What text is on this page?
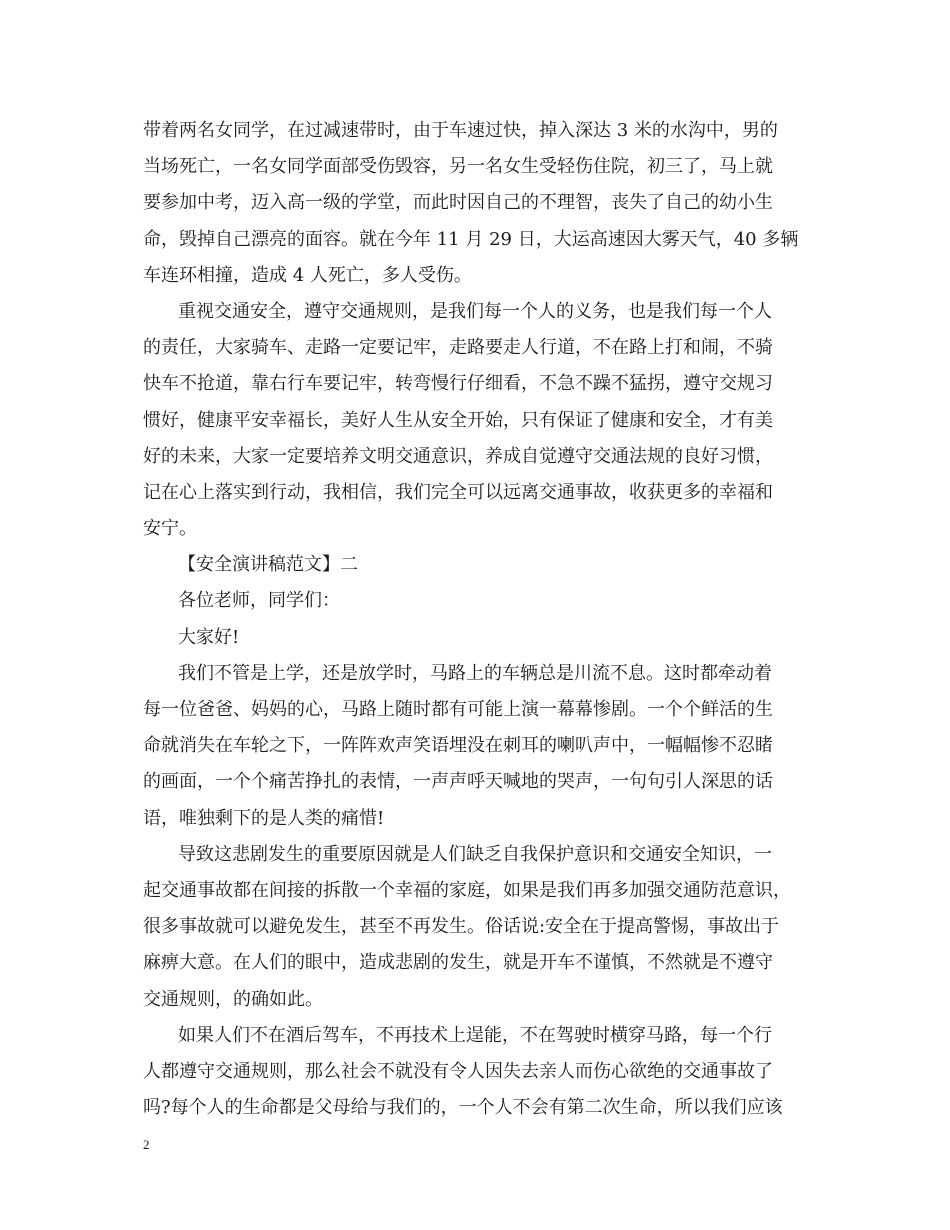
带着两名女同学，在过减速带时，由于车速过快，掉入深达 3 米的水沟中，男的
当场死亡，一名女同学面部受伤毁容，另一名女生受轻伤住院，初三了，马上就
要参加中考，迈入高一级的学堂，而此时因自己的不理智，丧失了自己的幼小生
命，毁掉自己漂亮的面容。就在今年 11 月 29 日，大运高速因大雾天气，40 多辆
车连环相撞，造成 4 人死亡，多人受伤。
重视交通安全，遵守交通规则，是我们每一个人的义务，也是我们每一个人
的责任，大家骑车、走路一定要记牢，走路要走人行道，不在路上打和闹，不骑
快车不抢道，靠右行车要记牢，转弯慢行仔细看，不急不躁不猛拐，遵守交规习
惯好，健康平安幸福长，美好人生从安全开始，只有保证了健康和安全，才有美
好的未来，大家一定要培养文明交通意识，养成自觉遵守交通法规的良好习惯，
记在心上落实到行动，我相信，我们完全可以远离交通事故，收获更多的幸福和
安宁。
【安全演讲稿范文】二
各位老师，同学们：
大家好!
我们不管是上学，还是放学时，马路上的车辆总是川流不息。这时都牵动着
每一位爸爸、妈妈的心，马路上随时都有可能上演一幕幕惨剧。一个个鲜活的生
命就消失在车轮之下，一阵阵欢声笑语埋没在刺耳的喇叭声中，一幅幅惨不忍睹
的画面，一个个痛苦挣扎的表情，一声声呼天喊地的哭声，一句句引人深思的话
语，唯独剩下的是人类的痛惜!
导致这悲剧发生的重要原因就是人们缺乏自我保护意识和交通安全知识，一
起交通事故都在间接的拆散一个幸福的家庭，如果是我们再多加强交通防范意识，
很多事故就可以避免发生，甚至不再发生。俗话说:安全在于提高警惕，事故出于
麻痹大意。在人们的眼中，造成悲剧的发生，就是开车不谨慎，不然就是不遵守
交通规则，的确如此。
如果人们不在酒后驾车，不再技术上逞能，不在驾驶时横穿马路，每一个行
人都遵守交通规则，那么社会不就没有令人因失去亲人而伤心欲绝的交通事故了
吗?每个人的生命都是父母给与我们的，一个人不会有第二次生命，所以我们应该
2
